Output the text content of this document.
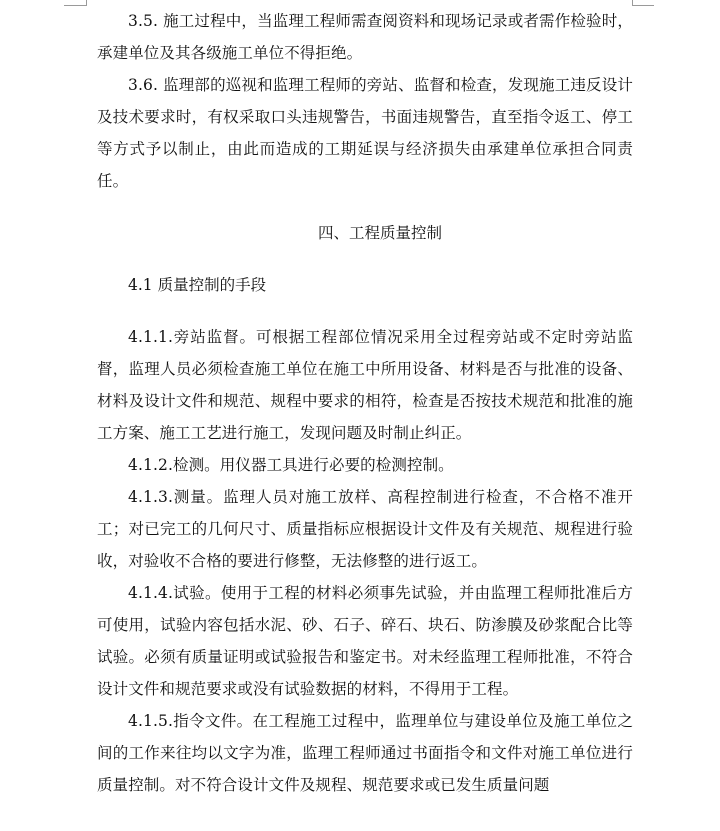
3.5. 施工过程中，当监理工程师需查阅资料和现场记录或者需作检验时，承建单位及其各级施工单位不得拒绝。

3.6. 监理部的巡视和监理工程师的旁站、监督和检查，发现施工违反设计及技术要求时，有权采取口头违规警告，书面违规警告，直至指令返工、停工等方式予以制止，由此而造成的工期延误与经济损失由承建单位承担合同责任。

四、工程质量控制

4.1 质量控制的手段

4.1.1.旁站监督。可根据工程部位情况采用全过程旁站或不定时旁站监督，监理人员必须检查施工单位在施工中所用设备、材料是否与批准的设备、材料及设计文件和规范、规程中要求的相符，检查是否按技术规范和批准的施工方案、施工工艺进行施工，发现问题及时制止纠正。

4.1.2.检测。用仪器工具进行必要的检测控制。

4.1.3.测量。监理人员对施工放样、高程控制进行检查，不合格不准开工；对已完工的几何尺寸、质量指标应根据设计文件及有关规范、规程进行验收，对验收不合格的要进行修整，无法修整的进行返工。

4.1.4.试验。使用于工程的材料必须事先试验，并由监理工程师批准后方可使用，试验内容包括水泥、砂、石子、碎石、块石、防渗膜及砂浆配合比等试验。必须有质量证明或试验报告和鉴定书。对未经监理工程师批准，不符合设计文件和规范要求或没有试验数据的材料，不得用于工程。

4.1.5.指令文件。在工程施工过程中，监理单位与建设单位及施工单位之间的工作来往均以文字为准，监理工程师通过书面指令和文件对施工单位进行质量控制。对不符合设计文件及规程、规范要求或已发生质量问题
